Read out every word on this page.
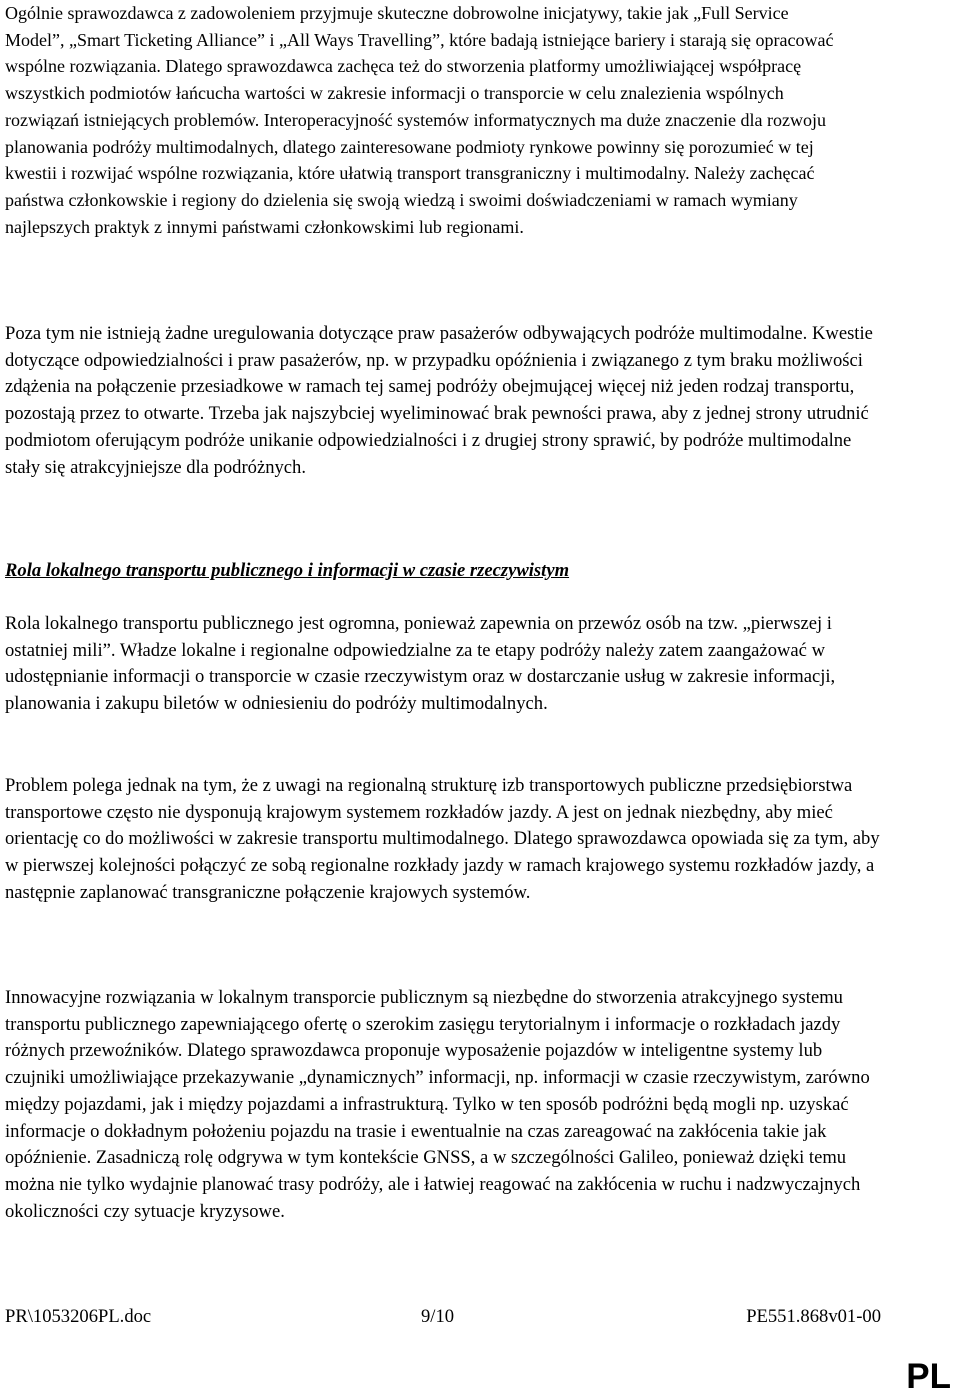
Ogólnie sprawozdawca z zadowoleniem przyjmuje skuteczne dobrowolne inicjatywy, takie jak „Full Service Model”, „Smart Ticketing Alliance” i „All Ways Travelling”, które badają istniejące bariery i starają się opracować wspólne rozwiązania. Dlatego sprawozdawca zachęca też do stworzenia platformy umożliwiającej współpracę wszystkich podmiotów łańcucha wartości w zakresie informacji o transporcie w celu znalezienia wspólnych rozwiązań istniejących problemów. Interoperacyjność systemów informatycznych ma duże znaczenie dla rozwoju planowania podróży multimodalnych, dlatego zainteresowane podmioty rynkowe powinny się porozumieć w tej kwestii i rozwijać wspólne rozwiązania, które ułatwią transport transgraniczny i multimodalny. Należy zachęcać państwa członkowskie i regiony do dzielenia się swoją wiedzą i swoimi doświadczeniami w ramach wymiany najlepszych praktyk z innymi państwami członkowskimi lub regionami.

Poza tym nie istnieją żadne uregulowania dotyczące praw pasażerów odbywających podróże multimodalne. Kwestie dotyczące odpowiedzialności i praw pasażerów, np. w przypadku opóźnienia i związanego z tym braku możliwości zdążenia na połączenie przesiadkowe w ramach tej samej podróży obejmującej więcej niż jeden rodzaj transportu, pozostają przez to otwarte. Trzeba jak najszybciej wyeliminować brak pewności prawa, aby z jednej strony utrudnić podmiotom oferującym podróże unikanie odpowiedzialności i z drugiej strony sprawić, by podróże multimodalne stały się atrakcyjniejsze dla podróżnych.

Rola lokalnego transportu publicznego i informacji w czasie rzeczywistym

Rola lokalnego transportu publicznego jest ogromna, ponieważ zapewnia on przewóz osób na tzw. „pierwszej i ostatniej mili”. Władze lokalne i regionalne odpowiedzialne za te etapy podróży należy zatem zaangażować w udostępnianie informacji o transporcie w czasie rzeczywistym oraz w dostarczanie usług w zakresie informacji, planowania i zakupu biletów w odniesieniu do podróży multimodalnych.

Problem polega jednak na tym, że z uwagi na regionalną strukturę izb transportowych publiczne przedsiębiorstwa transportowe często nie dysponują krajowym systemem rozkładów jazdy. A jest on jednak niezbędny, aby mieć orientację co do możliwości w zakresie transportu multimodalnego. Dlatego sprawozdawca opowiada się za tym, aby w pierwszej kolejności połączyć ze sobą regionalne rozkłady jazdy w ramach krajowego systemu rozkładów jazdy, a następnie zaplanować transgraniczne połączenie krajowych systemów.

Innowacyjne rozwiązania w lokalnym transporcie publicznym są niezbędne do stworzenia atrakcyjnego systemu transportu publicznego zapewniającego ofertę o szerokim zasięgu terytorialnym i informacje o rozkładach jazdy różnych przewoźników. Dlatego sprawozdawca proponuje wyposażenie pojazdów w inteligentne systemy lub czujniki umożliwiające przekazywanie „dynamicznych” informacji, np. informacji w czasie rzeczywistym, zarówno między pojazdami, jak i między pojazdami a infrastrukturą. Tylko w ten sposób podróżni będą mogli np. uzyskać informacje o dokładnym położeniu pojazdu na trasie i ewentualnie na czas zareagować na zakłócenia takie jak opóźnienie. Zasadniczą rolę odgrywa w tym kontekście GNSS, a w szczególności Galileo, ponieważ dzięki temu można nie tylko wydajnie planować trasy podróży, ale i łatwiej reagować na zakłócenia w ruchu i nadzwyczajnych okoliczności czy sytuacje kryzysowe.

PR\1053206PL.doc	9/10	PE551.868v01-00
PL
